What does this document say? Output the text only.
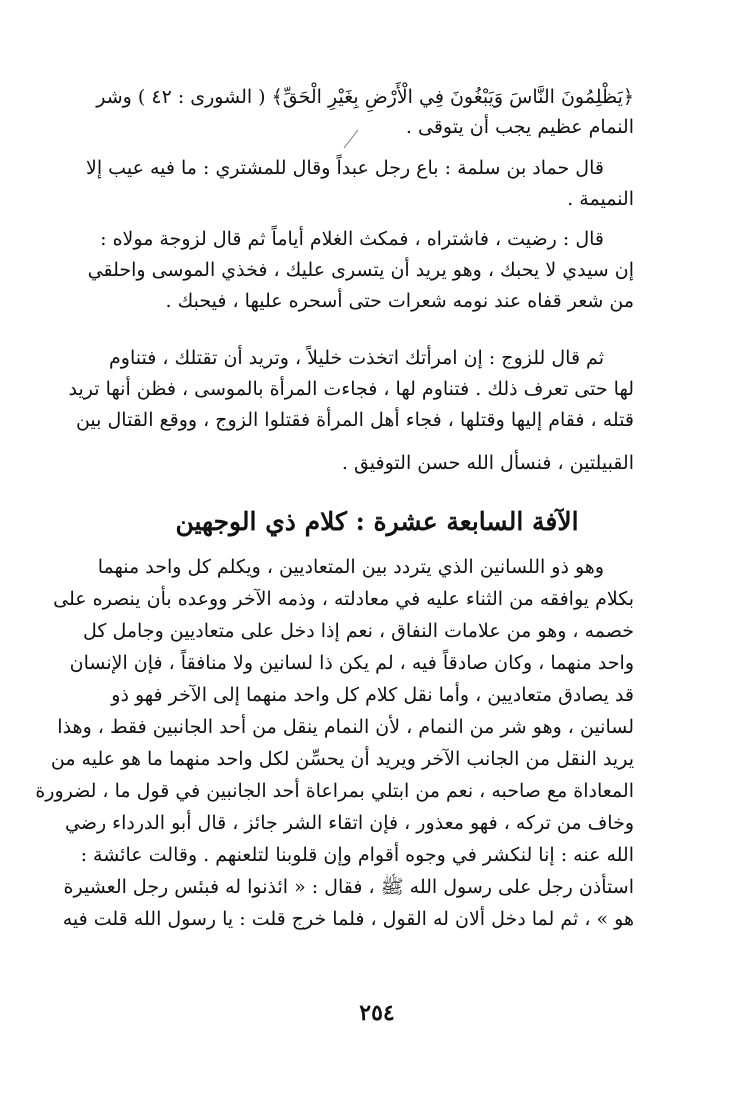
﴿يَظْلِمُونَ النَّاسَ وَيَبْغُونَ فِي الْأَرْضِ بِغَيْرِ الْحَقِّ﴾ ( الشورى : ٤٢ ) وشر
النمام عظيم يجب أن يتوقى .
قال حماد بن سلمة : باع رجل عبداً وقال للمشتري : ما فيه عيب إلا
النميمة .
قال : رضيت ، فاشتراه ، فمكث الغلام أياماً ثم قال لزوجة مولاه :
إن سيدي لا يحبك ، وهو يريد أن يتسرى عليك ، فخذي الموسى واحلقي
من شعر قفاه عند نومه شعرات حتى أسحره عليها ، فيحبك .
ثم قال للزوج : إن امرأتك اتخذت خليلاً ، وتريد أن تقتلك ، فتناوم
لها حتى تعرف ذلك . فتناوم لها ، فجاءت المرأة بالموسى ، فظن أنها تريد
قتله ، فقام إليها وقتلها ، فجاء أهل المرأة فقتلوا الزوج ، ووقع القتال بين
القبيلتين ، فنسأل الله حسن التوفيق .
الآفة السابعة عشرة : كلام ذي الوجهين
وهو ذو اللسانين الذي يتردد بين المتعاديين ، ويكلم كل واحد منهما
بكلام يوافقه من الثناء عليه في معادلته ، وذمه الآخر ووعده بأن ينصره على
خصمه ، وهو من علامات النفاق ، نعم إذا دخل على متعاديين وجامل كل
واحد منهما ، وكان صادقاً فيه ، لم يكن ذا لسانين ولا منافقاً ، فإن الإنسان
قد يصادق متعاديين ، وأما نقل كلام كل واحد منهما إلى الآخر فهو ذو
لسانين ، وهو شر من النمام ، لأن النمام ينقل من أحد الجانبين فقط ، وهذا
يريد النقل من الجانب الآخر ويريد أن يحسِّن لكل واحد منهما ما هو عليه من
المعاداة مع صاحبه ، نعم من ابتلي بمراعاة أحد الجانبين في قول ما ، لضرورة
وخاف من تركه ، فهو معذور ، فإن اتقاء الشر جائز ، قال أبو الدرداء رضي
الله عنه : إنا لنكشر في وجوه أقوام وإن قلوبنا لتلعنهم . وقالت عائشة :
استأذن رجل على رسول الله ﷺ ، فقال : « ائذنوا له فبئس رجل العشيرة
هو » ، ثم لما دخل ألان له القول ، فلما خرج قلت : يا رسول الله قلت فيه
٢٥٤
